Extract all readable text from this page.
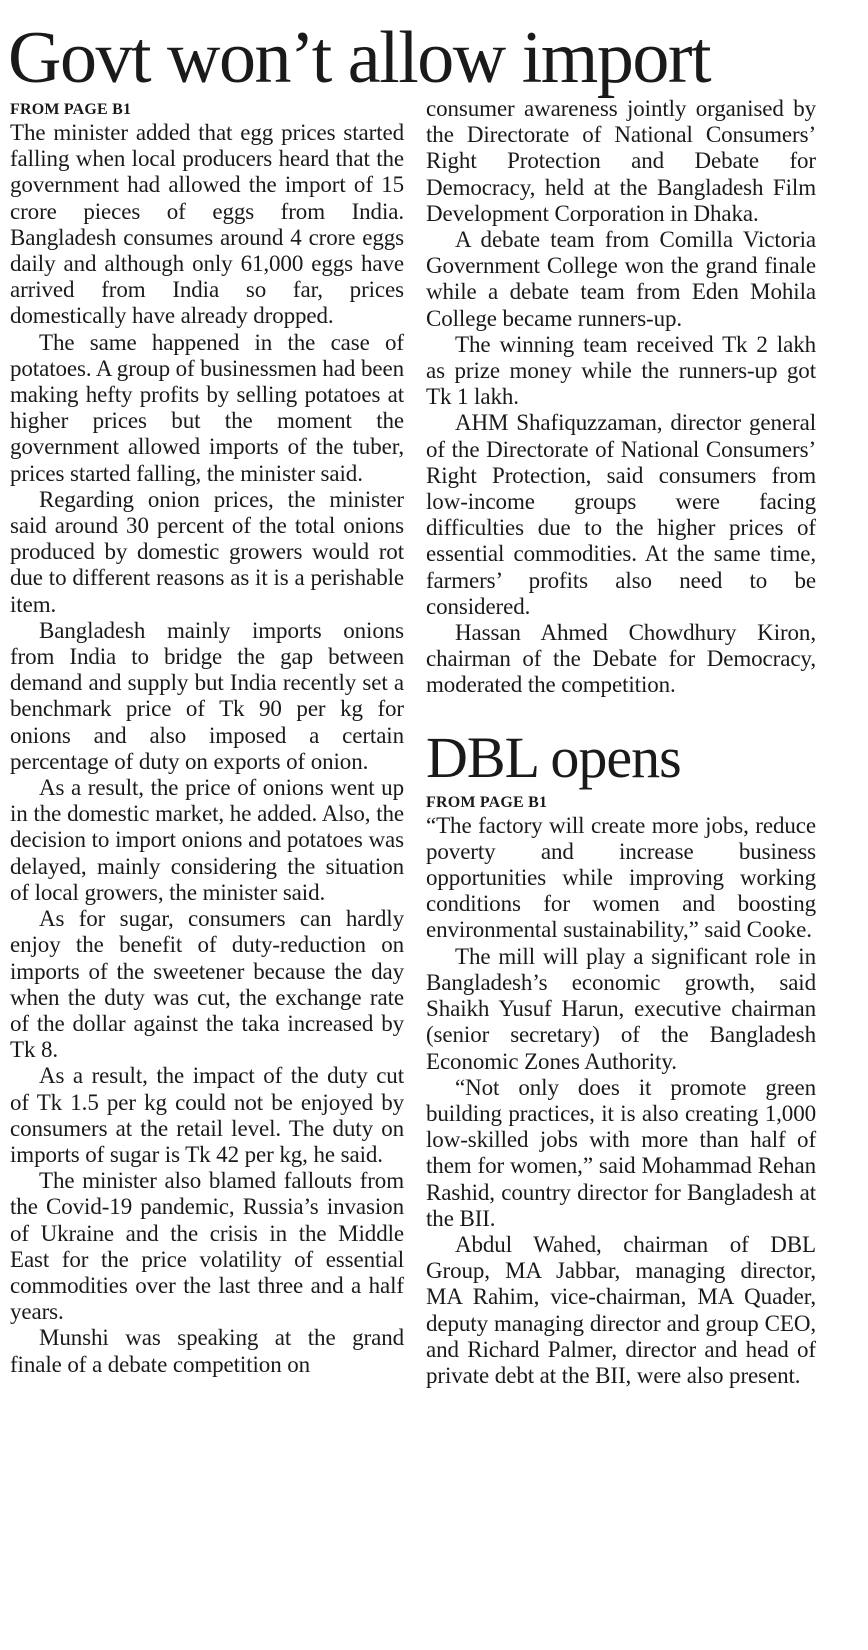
Govt won’t allow import
FROM PAGE B1

The minister added that egg prices started falling when local producers heard that the government had allowed the import of 15 crore pieces of eggs from India. Bangladesh consumes around 4 crore eggs daily and although only 61,000 eggs have arrived from India so far, prices domestically have already dropped.

The same happened in the case of potatoes. A group of businessmen had been making hefty profits by selling potatoes at higher prices but the moment the government allowed imports of the tuber, prices started falling, the minister said.

Regarding onion prices, the minister said around 30 percent of the total onions produced by domestic growers would rot due to different reasons as it is a perishable item.

Bangladesh mainly imports onions from India to bridge the gap between demand and supply but India recently set a benchmark price of Tk 90 per kg for onions and also imposed a certain percentage of duty on exports of onion.

As a result, the price of onions went up in the domestic market, he added. Also, the decision to import onions and potatoes was delayed, mainly considering the situation of local growers, the minister said.

As for sugar, consumers can hardly enjoy the benefit of duty-reduction on imports of the sweetener because the day when the duty was cut, the exchange rate of the dollar against the taka increased by Tk 8.

As a result, the impact of the duty cut of Tk 1.5 per kg could not be enjoyed by consumers at the retail level. The duty on imports of sugar is Tk 42 per kg, he said.

The minister also blamed fallouts from the Covid-19 pandemic, Russia’s invasion of Ukraine and the crisis in the Middle East for the price volatility of essential commodities over the last three and a half years.

Munshi was speaking at the grand finale of a debate competition on

consumer awareness jointly organised by the Directorate of National Consumers’ Right Protection and Debate for Democracy, held at the Bangladesh Film Development Corporation in Dhaka.

A debate team from Comilla Victoria Government College won the grand finale while a debate team from Eden Mohila College became runners-up.

The winning team received Tk 2 lakh as prize money while the runners-up got Tk 1 lakh.

AHM Shafiquzzaman, director general of the Directorate of National Consumers’ Right Protection, said consumers from low-income groups were facing difficulties due to the higher prices of essential commodities. At the same time, farmers’ profits also need to be considered.

Hassan Ahmed Chowdhury Kiron, chairman of the Debate for Democracy, moderated the competition.

DBL opens
FROM PAGE B1

“The factory will create more jobs, reduce poverty and increase business opportunities while improving working conditions for women and boosting environmental sustainability,” said Cooke.

The mill will play a significant role in Bangladesh’s economic growth, said Shaikh Yusuf Harun, executive chairman (senior secretary) of the Bangladesh Economic Zones Authority.

“Not only does it promote green building practices, it is also creating 1,000 low-skilled jobs with more than half of them for women,” said Mohammad Rehan Rashid, country director for Bangladesh at the BII.

Abdul Wahed, chairman of DBL Group, MA Jabbar, managing director, MA Rahim, vice-chairman, MA Quader, deputy managing director and group CEO, and Richard Palmer, director and head of private debt at the BII, were also present.
